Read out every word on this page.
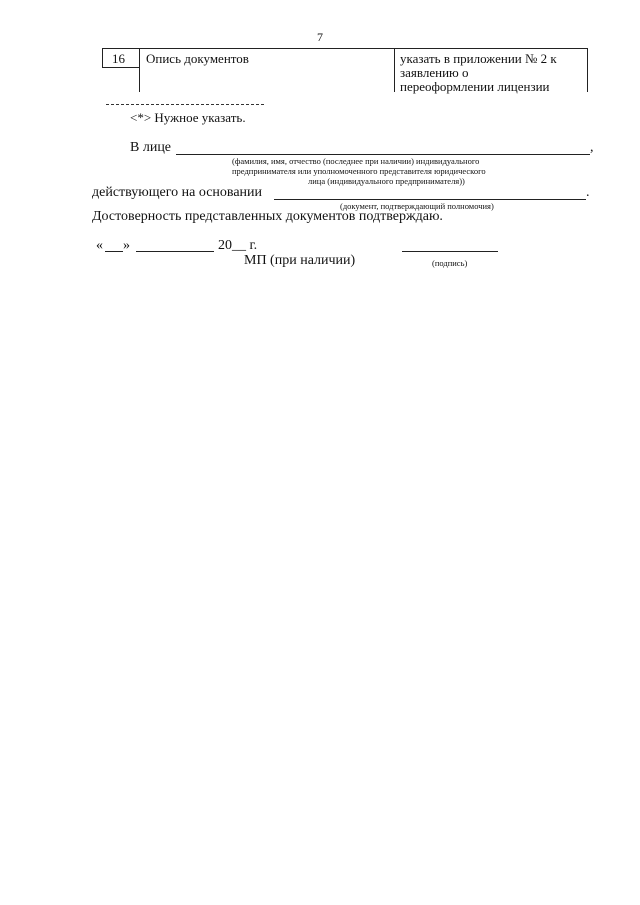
7
16 Опись документов	указать в приложении № 2 к
заявлению о
переоформлении лицензии
<*> Нужное указать.
В лице	,
(фамилия, имя, отчество (последнее при наличии) индивидуального
предпринимателя или уполномоченного представителя юридического
лица (индивидуального предпринимателя))
действующего на основании	.
(документ, подтверждающий полномочия)
Достоверность представленных документов подтверждаю.
« »	20__ г.
МП (при наличии)	(подпись)
